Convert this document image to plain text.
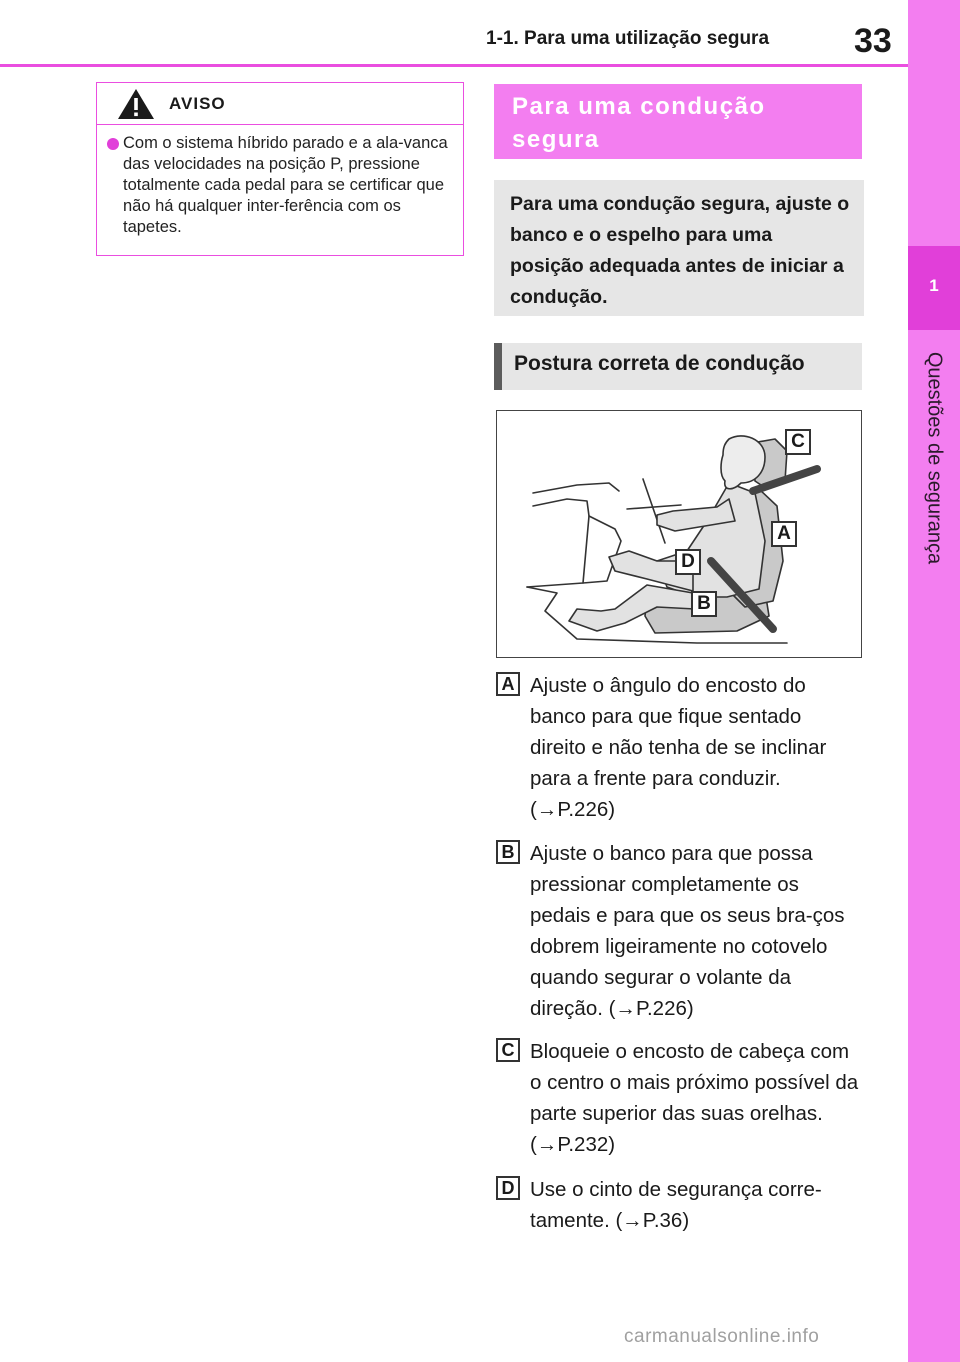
1-1. Para uma utilização segura 33
1
Questões de segurança
AVISO
Com o sistema híbrido parado e a ala-vanca das velocidades na posição P, pressione totalmente cada pedal para se certificar que não há qualquer inter-ferência com os tapetes.
Para uma condução segura
Para uma condução segura, ajuste o banco e o espelho para uma posição adequada antes de iniciar a condução.
Postura correta de condução
C
A
D
B
A Ajuste o ângulo do encosto do banco para que fique sentado direito e não tenha de se inclinar para a frente para conduzir. (→P.226)
B Ajuste o banco para que possa pressionar completamente os pedais e para que os seus bra-ços dobrem ligeiramente no cotovelo quando segurar o volante da direção. (→P.226)
C Bloqueie o encosto de cabeça com o centro o mais próximo possível da parte superior das suas orelhas. (→P.232)
D Use o cinto de segurança corre-tamente. (→P.36)
carmanualsonline.info
